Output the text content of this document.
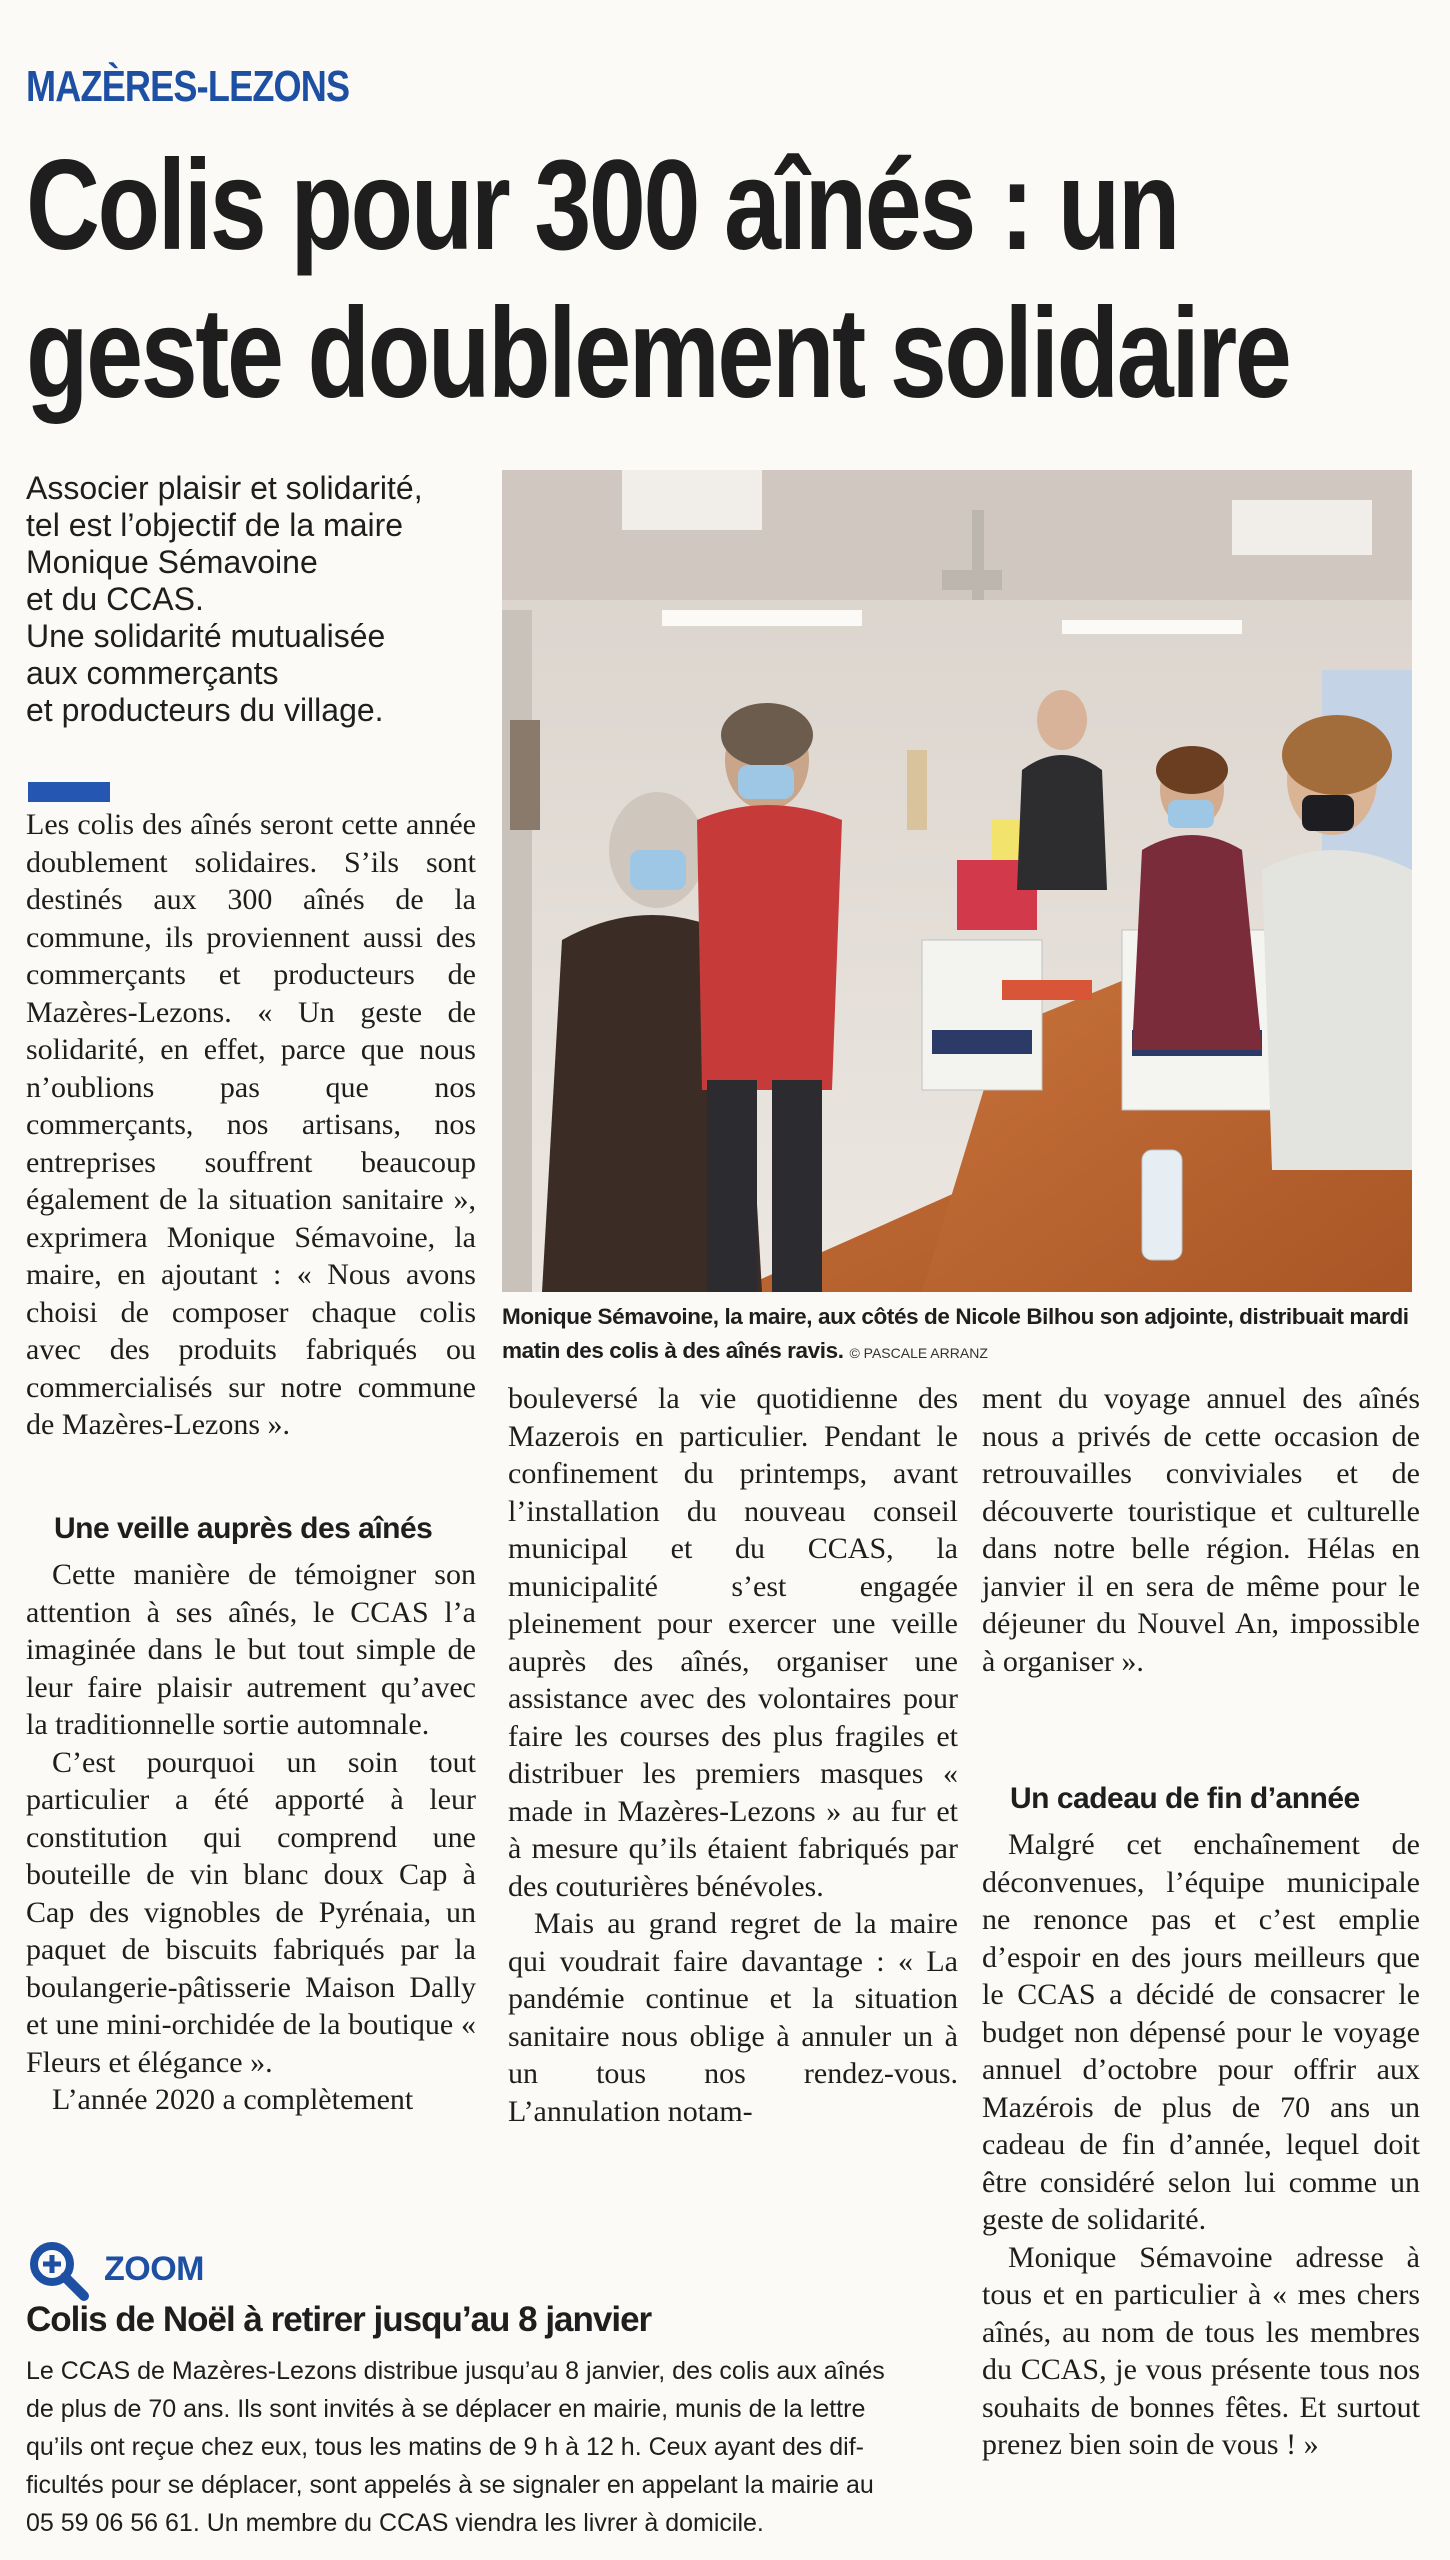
MAZÈRES-LEZONS
Colis pour 300 aînés : un
geste doublement solidaire
Associer plaisir et solidarité,
tel est l’objectif de la maire
Monique Sémavoine
et du CCAS.
Une solidarité mutualisée
aux commerçants
et producteurs du village.

Les colis des aînés seront cette année doublement solidaires. S’ils sont destinés aux 300 aînés de la commune, ils proviennent aussi des commerçants et producteurs de Mazères-Lezons. « Un geste de solidarité, en effet, parce que nous n’oublions pas que nos commerçants, nos artisans, nos entreprises souffrent beaucoup également de la situation sanitaire », exprimera Monique Sémavoine, la maire, en ajoutant : « Nous avons choisi de composer chaque colis avec des produits fabriqués ou commercialisés sur notre commune de Mazères-Lezons ».

Une veille auprès des aînés

Cette manière de témoigner son attention à ses aînés, le CCAS l’a imaginée dans le but tout simple de leur faire plaisir autrement qu’avec la traditionnelle sortie automnale.

C’est pourquoi un soin tout particulier a été apporté à leur constitution qui comprend une bouteille de vin blanc doux Cap à Cap des vignobles de Pyrénaia, un paquet de biscuits fabriqués par la boulangerie-pâtisserie Maison Dally et une mini-orchidée de la boutique « Fleurs et élégance ».

L’année 2020 a complètement

Monique Sémavoine, la maire, aux côtés de Nicole Bilhou son adjointe, distribuait mardi matin des colis à des aînés ravis. © PASCALE ARRANZ

bouleversé la vie quotidienne des Mazerois en particulier. Pendant le confinement du printemps, avant l’installation du nouveau conseil municipal et du CCAS, la municipalité s’est engagée pleinement pour exercer une veille auprès des aînés, organiser une assistance avec des volontaires pour faire les courses des plus fragiles et distribuer les premiers masques « made in Mazères-Lezons » au fur et à mesure qu’ils étaient fabriqués par des couturières bénévoles.

Mais au grand regret de la maire qui voudrait faire davantage : « La pandémie continue et la situation sanitaire nous oblige à annuler un à un tous nos rendez-vous. L’annulation notam-

ment du voyage annuel des aînés nous a privés de cette occasion de retrouvailles conviviales et de découverte touristique et culturelle dans notre belle région. Hélas en janvier il en sera de même pour le déjeuner du Nouvel An, impossible à organiser ».

Un cadeau de fin d’année

Malgré cet enchaînement de déconvenues, l’équipe municipale ne renonce pas et c’est emplie d’espoir en des jours meilleurs que le CCAS a décidé de consacrer le budget non dépensé pour le voyage annuel d’octobre pour offrir aux Mazérois de plus de 70 ans un cadeau de fin d’année, lequel doit être considéré selon lui comme un geste de solidarité.

Monique Sémavoine adresse à tous et en particulier à « mes chers aînés, au nom de tous les membres du CCAS, je vous présente tous nos souhaits de bonnes fêtes. Et surtout prenez bien soin de vous ! »

ZOOM
Colis de Noël à retirer jusqu’au 8 janvier
Le CCAS de Mazères-Lezons distribue jusqu’au 8 janvier, des colis aux aînés
de plus de 70 ans. Ils sont invités à se déplacer en mairie, munis de la lettre
qu’ils ont reçue chez eux, tous les matins de 9 h à 12 h. Ceux ayant des dif-
ficultés pour se déplacer, sont appelés à se signaler en appelant la mairie au
05 59 06 56 61. Un membre du CCAS viendra les livrer à domicile.
